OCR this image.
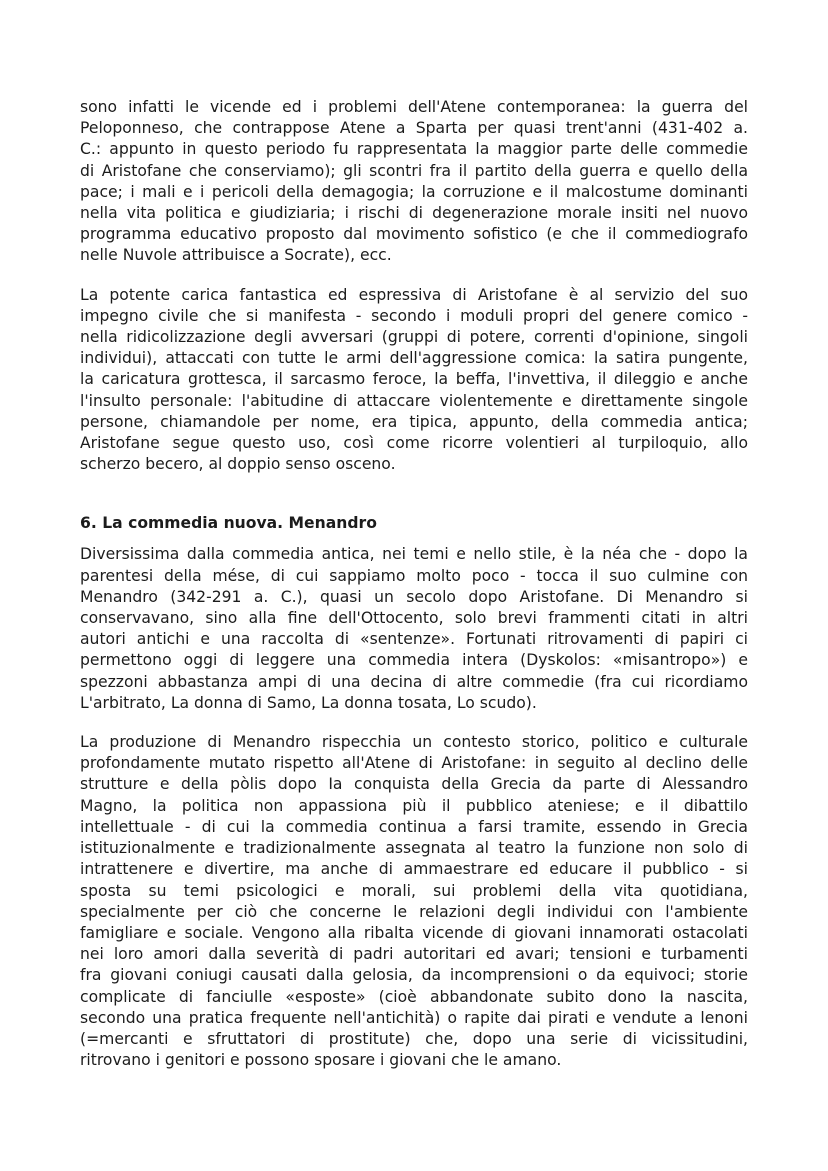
sono infatti le vicende ed i problemi dell'Atene contemporanea: la guerra del
Peloponneso, che contrappose Atene a Sparta per quasi trent'anni (431-402 a.
C.: appunto in questo periodo fu rappresentata la maggior parte delle commedie
di Aristofane che conserviamo); gli scontri fra il partito della guerra e quello della
pace; i mali e i pericoli della demagogia; la corruzione e il malcostume dominanti
nella vita politica e giudiziaria; i rischi di degenerazione morale insiti nel nuovo
programma educativo proposto dal movimento sofistico (e che il commediografo
nelle Nuvole attribuisce a Socrate), ecc.
La potente carica fantastica ed espressiva di Aristofane è al servizio del suo
impegno civile che si manifesta - secondo i moduli propri del genere comico -
nella ridicolizzazione degli avversari (gruppi di potere, correnti d'opinione, singoli
individui), attaccati con tutte le armi dell'aggressione comica: la satira pungente,
la caricatura grottesca, il sarcasmo feroce, la beffa, l'invettiva, il dileggio e anche
l'insulto personale: l'abitudine di attaccare violentemente e direttamente singole
persone, chiamandole per nome, era tipica, appunto, della commedia antica;
Aristofane segue questo uso, così come ricorre volentieri al turpiloquio, allo
scherzo becero, al doppio senso osceno.
6. La commedia nuova. Menandro
Diversissima dalla commedia antica, nei temi e nello stile, è la néa che - dopo la
parentesi della mése, di cui sappiamo molto poco - tocca il suo culmine con
Menandro (342-291 a. C.), quasi un secolo dopo Aristofane. Di Menandro si
conservavano, sino alla fine dell'Ottocento, solo brevi frammenti citati in altri
autori antichi e una raccolta di «sentenze». Fortunati ritrovamenti di papiri ci
permettono oggi di leggere una commedia intera (Dyskolos: «misantropo») e
spezzoni abbastanza ampi di una decina di altre commedie (fra cui ricordiamo
L'arbitrato, La donna di Samo, La donna tosata, Lo scudo).
La produzione di Menandro rispecchia un contesto storico, politico e culturale
profondamente mutato rispetto all'Atene di Aristofane: in seguito al declino delle
strutture e della pòlis dopo Ia conquista della Grecia da parte di Alessandro
Magno, la politica non appassiona più il pubblico ateniese; e il dibattilo
intellettuale - di cui la commedia continua a farsi tramite, essendo in Grecia
istituzionalmente e tradizionalmente assegnata al teatro la funzione non solo di
intrattenere e divertire, ma anche di ammaestrare ed educare il pubblico - si
sposta su temi psicologici e morali, sui problemi della vita quotidiana,
specialmente per ciò che concerne le relazioni degli individui con l'ambiente
famigliare e sociale. Vengono alla ribalta vicende di giovani innamorati ostacolati
nei loro amori dalla severità di padri autoritari ed avari; tensioni e turbamenti
fra giovani coniugi causati dalla gelosia, da incomprensioni o da equivoci; storie
complicate di fanciulle «esposte» (cioè abbandonate subito dono Ia nascita,
secondo una pratica frequente nell'antichità) o rapite dai pirati e vendute a lenoni
(=mercanti e sfruttatori di prostitute) che, dopo una serie di vicissitudini,
ritrovano i genitori e possono sposare i giovani che le amano.
